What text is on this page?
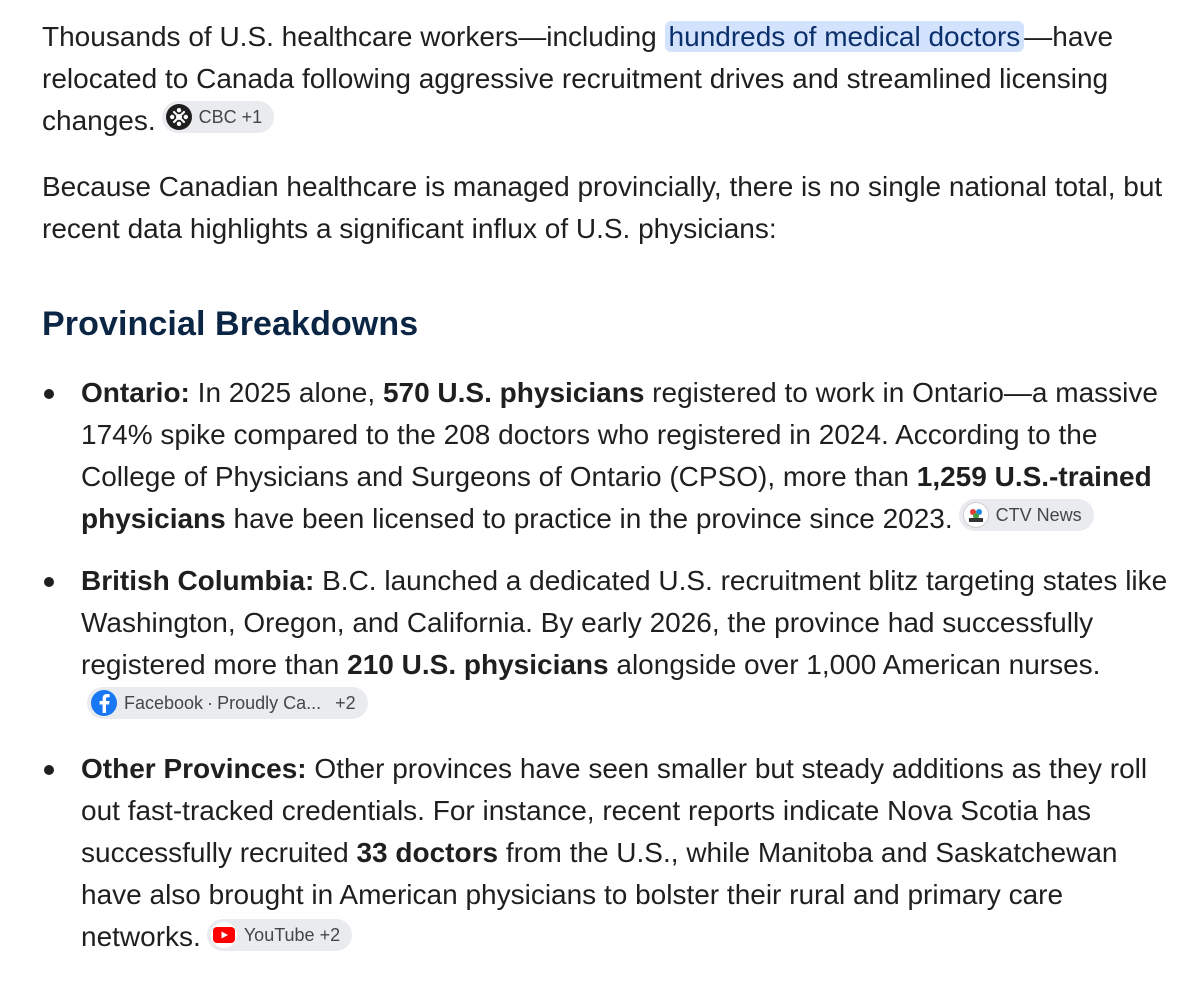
Thousands of U.S. healthcare workers—including hundreds of medical doctors —have relocated to Canada following aggressive recruitment drives and streamlined licensing changes. CBC +1

Because Canadian healthcare is managed provincially, there is no single national total, but recent data highlights a significant influx of U.S. physicians:

Provincial Breakdowns
Ontario: In 2025 alone, 570 U.S. physicians registered to work in Ontario—a massive 174% spike compared to the 208 doctors who registered in 2024. According to the College of Physicians and Surgeons of Ontario (CPSO), more than 1,259 U.S.-trained physicians have been licensed to practice in the province since 2023. CTV News
British Columbia: B.C. launched a dedicated U.S. recruitment blitz targeting states like Washington, Oregon, and California. By early 2026, the province had successfully registered more than 210 U.S. physicians alongside over 1,000 American nurses.
Facebook · Proudly Ca... +2
Other Provinces: Other provinces have seen smaller but steady additions as they roll out fast-tracked credentials. For instance, recent reports indicate Nova Scotia has successfully recruited 33 doctors from the U.S., while Manitoba and Saskatchewan have also brought in American physicians to bolster their rural and primary care networks. YouTube +2
